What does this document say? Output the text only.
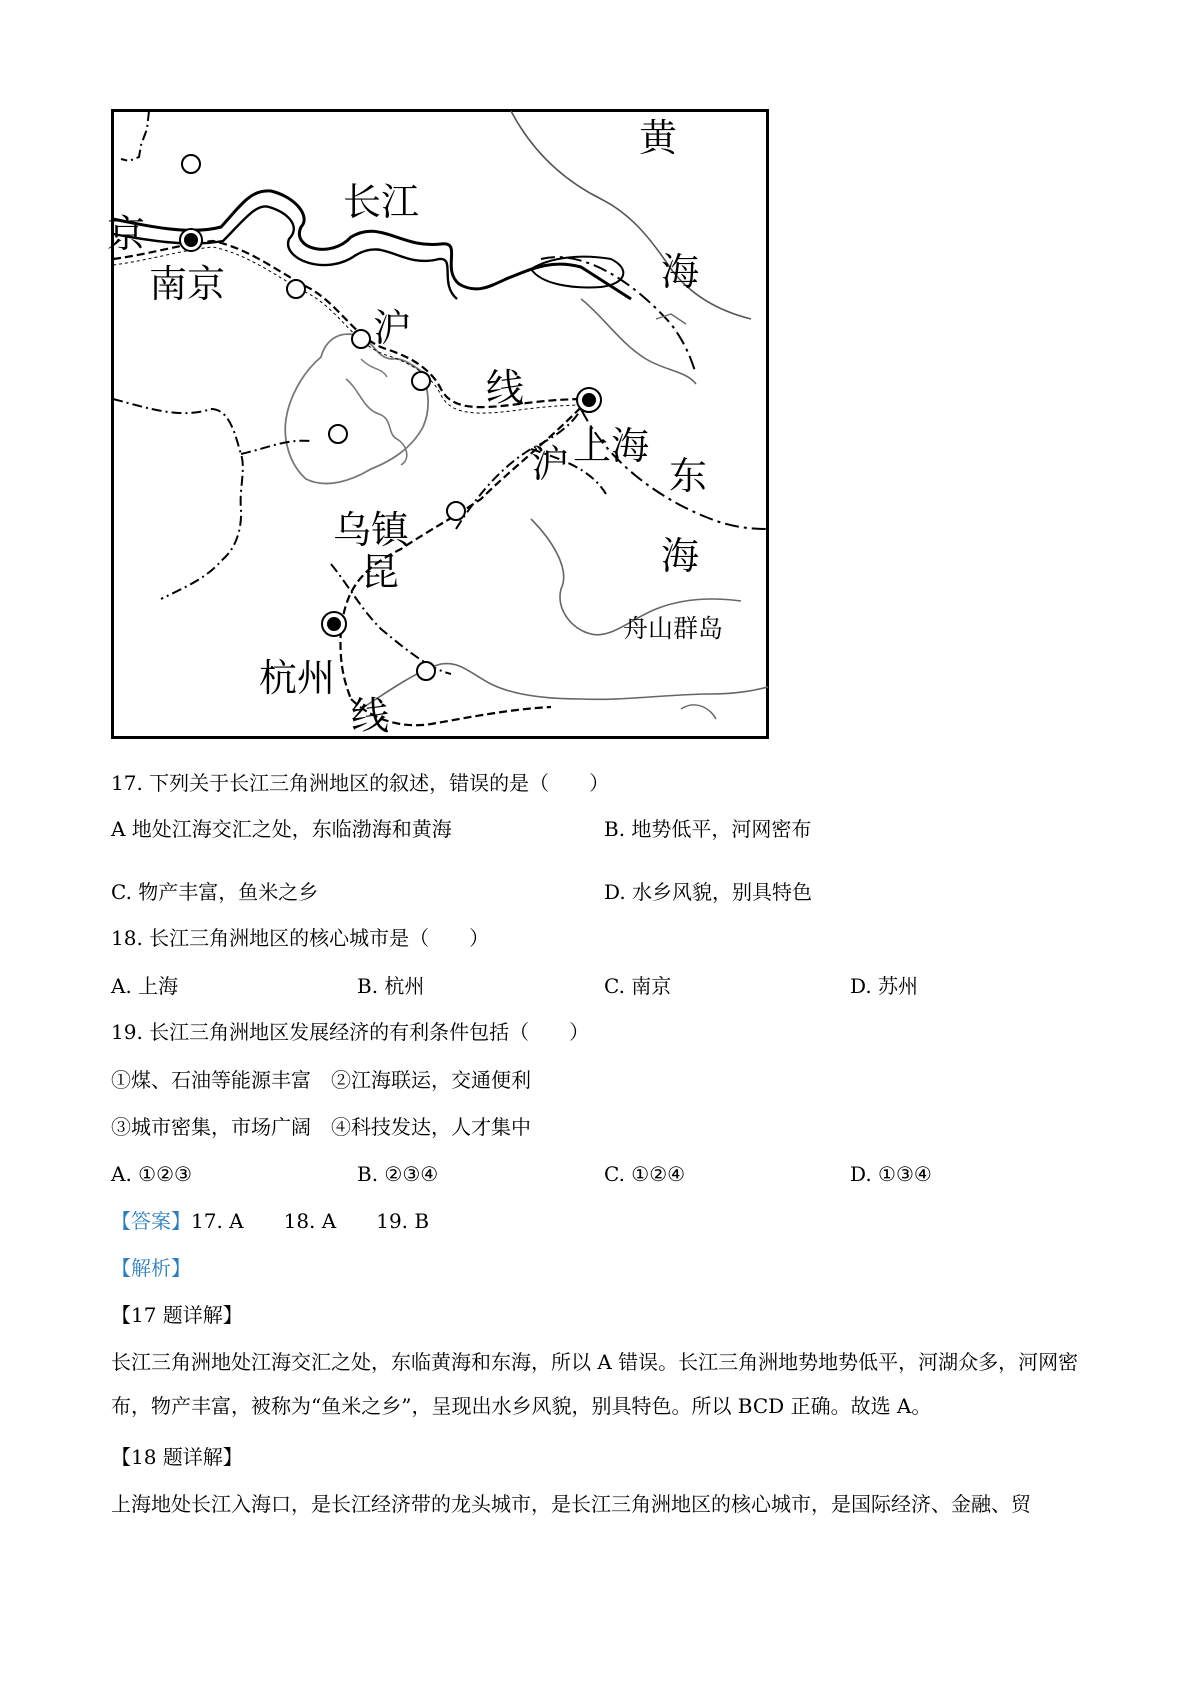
黄
长江
京
海
南京
沪
线
上海
东
沪
乌镇
海
昆
舟山群岛
杭州
线
17. 下列关于长江三角洲地区的叙述，错误的是（　　）
A 地处江海交汇之处，东临渤海和黄海	B. 地势低平，河网密布
C. 物产丰富，鱼米之乡	D. 水乡风貌，别具特色
18. 长江三角洲地区的核心城市是（　　）
A. 上海	B. 杭州	C. 南京	D. 苏州
19. 长江三角洲地区发展经济的有利条件包括（　　）
①煤、石油等能源丰富　②江海联运，交通便利
③城市密集，市场广阔　④科技发达，人才集中
A. ①②③	B. ②③④	C. ①②④	D. ①③④
【答案】17. A　　18. A　　19. B
【解析】
【17 题详解】
长江三角洲地处江海交汇之处，东临黄海和东海，所以 A 错误。长江三角洲地势地势低平，河湖众多，河网密布，物产丰富，被称为“鱼米之乡”，呈现出水乡风貌，别具特色。所以 BCD 正确。故选 A。
【18 题详解】
上海地处长江入海口，是长江经济带的龙头城市，是长江三角洲地区的核心城市，是国际经济、金融、贸
